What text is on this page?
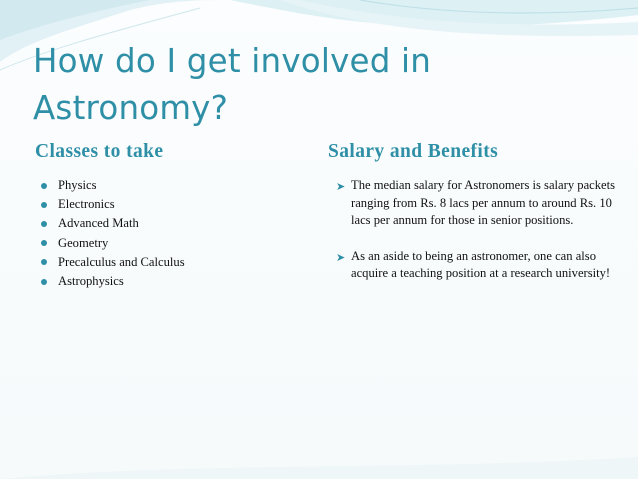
How do I get involved in Astronomy?
Classes to take	Salary and Benefits
Physics
Electronics
Advanced Math
Geometry
Precalculus and Calculus
Astrophysics
➤ The median salary for Astronomers is salary packets ranging from Rs. 8 lacs per annum to around Rs. 10 lacs per annum for those in senior positions.
➤ As an aside to being an astronomer, one can also acquire a teaching position at a research university!
